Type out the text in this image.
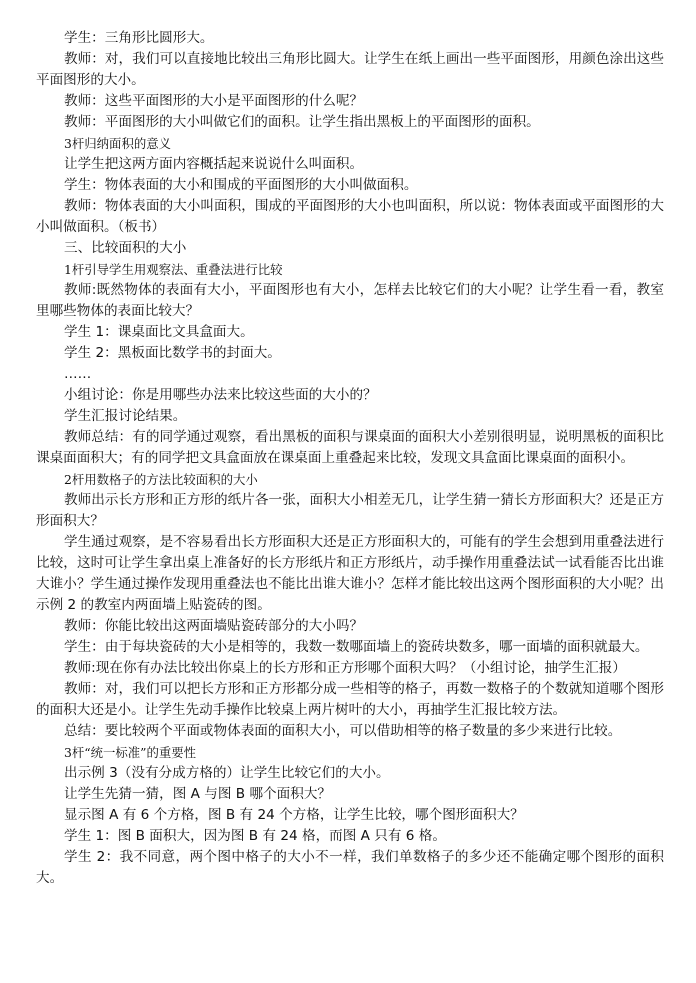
学生：三角形比圆形大。

教师：对，我们可以直接地比较出三角形比圆大。让学生在纸上画出一些平面图形，用颜色涂出这些平面图形的大小。

教师：这些平面图形的大小是平面图形的什么呢？

教师：平面图形的大小叫做它们的面积。让学生指出黑板上的平面图形的面积。

3杆归纳面积的意义

让学生把这两方面内容概括起来说说什么叫面积。

学生：物体表面的大小和围成的平面图形的大小叫做面积。

教师：物体表面的大小叫面积，围成的平面图形的大小也叫面积，所以说：物体表面或平面图形的大小叫做面积。（板书）

三、比较面积的大小

1杆引导学生用观察法、重叠法进行比较

教师:既然物体的表面有大小，平面图形也有大小，怎样去比较它们的大小呢？让学生看一看，教室里哪些物体的表面比较大？

学生 1：课桌面比文具盒面大。

学生 2：黑板面比数学书的封面大。

……

小组讨论：你是用哪些办法来比较这些面的大小的？

学生汇报讨论结果。

教师总结：有的同学通过观察，看出黑板的面积与课桌面的面积大小差别很明显，说明黑板的面积比课桌面面积大；有的同学把文具盒面放在课桌面上重叠起来比较，发现文具盒面比课桌面的面积小。

2杆用数格子的方法比较面积的大小

教师出示长方形和正方形的纸片各一张，面积大小相差无几，让学生猜一猜长方形面积大？还是正方形面积大？

学生通过观察，是不容易看出长方形面积大还是正方形面积大的，可能有的学生会想到用重叠法进行比较，这时可让学生拿出桌上准备好的长方形纸片和正方形纸片，动手操作用重叠法试一试看能否比出谁大谁小？学生通过操作发现用重叠法也不能比出谁大谁小？怎样才能比较出这两个图形面积的大小呢？出示例 2 的教室内两面墙上贴瓷砖的图。

教师：你能比较出这两面墙贴瓷砖部分的大小吗？

学生：由于每块瓷砖的大小是相等的，我数一数哪面墙上的瓷砖块数多，哪一面墙的面积就最大。

教师:现在你有办法比较出你桌上的长方形和正方形哪个面积大吗？（小组讨论，抽学生汇报）

教师：对，我们可以把长方形和正方形都分成一些相等的格子，再数一数格子的个数就知道哪个图形的面积大还是小。让学生先动手操作比较桌上两片树叶的大小，再抽学生汇报比较方法。

总结：要比较两个平面或物体表面的面积大小，可以借助相等的格子数量的多少来进行比较。

3杆“统一标准”的重要性

出示例 3（没有分成方格的）让学生比较它们的大小。

让学生先猜一猜，图 A 与图 B 哪个面积大？

显示图 A 有 6 个方格，图 B 有 24 个方格，让学生比较，哪个图形面积大？

学生 1：图 B 面积大，因为图 B 有 24 格，而图 A 只有 6 格。

学生 2：我不同意，两个图中格子的大小不一样，我们单数格子的多少还不能确定哪个图形的面积大。
